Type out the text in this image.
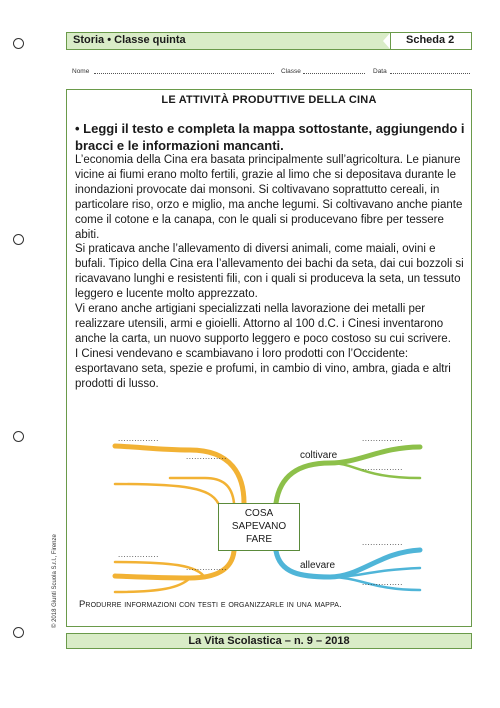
Storia • Classe quinta	Scheda 2
Nome	Classe	Data
LE ATTIVITÀ PRODUTTIVE DELLA CINA
• Leggi il testo e completa la mappa sottostante, aggiungendo i bracci e le informazioni mancanti.

L’economia della Cina era basata principalmente sull’agricoltura. Le pianure vicine ai fiumi erano molto fertili, grazie al limo che si depositava durante le inondazioni provocate dai monsoni. Si coltivavano soprattutto cereali, in particolare riso, orzo e miglio, ma anche legumi. Si coltivavano anche piante come il cotone e la canapa, con le quali si producevano fibre per tessere abiti.

Si praticava anche l’allevamento di diversi animali, come maiali, ovini e bufali. Tipico della Cina era l’allevamento dei bachi da seta, dai cui bozzoli si ricavavano lunghi e resistenti fili, con i quali si produceva la seta, un tessuto leggero e lucente molto apprezzato.

Vi erano anche artigiani specializzati nella lavorazione dei metalli per realizzare utensili, armi e gioielli. Attorno al 100 d.C. i Cinesi inventarono anche la carta, un nuovo supporto leggero e poco costoso su cui scrivere.

I Cinesi vendevano e scambiavano i loro prodotti con l’Occidente: esportavano seta, spezie e profumi, in cambio di vino, ambra, giada e altri prodotti di lusso.

COSA
SAPEVANO
FARE
coltivare
allevare
...............
...............
...............
...............
...............
...............
...............
...............
Produrre informazioni con testi e organizzarle in una mappa.
© 2018 Giunti Scuola S.r.l., Firenze
La Vita Scolastica – n. 9 – 2018
